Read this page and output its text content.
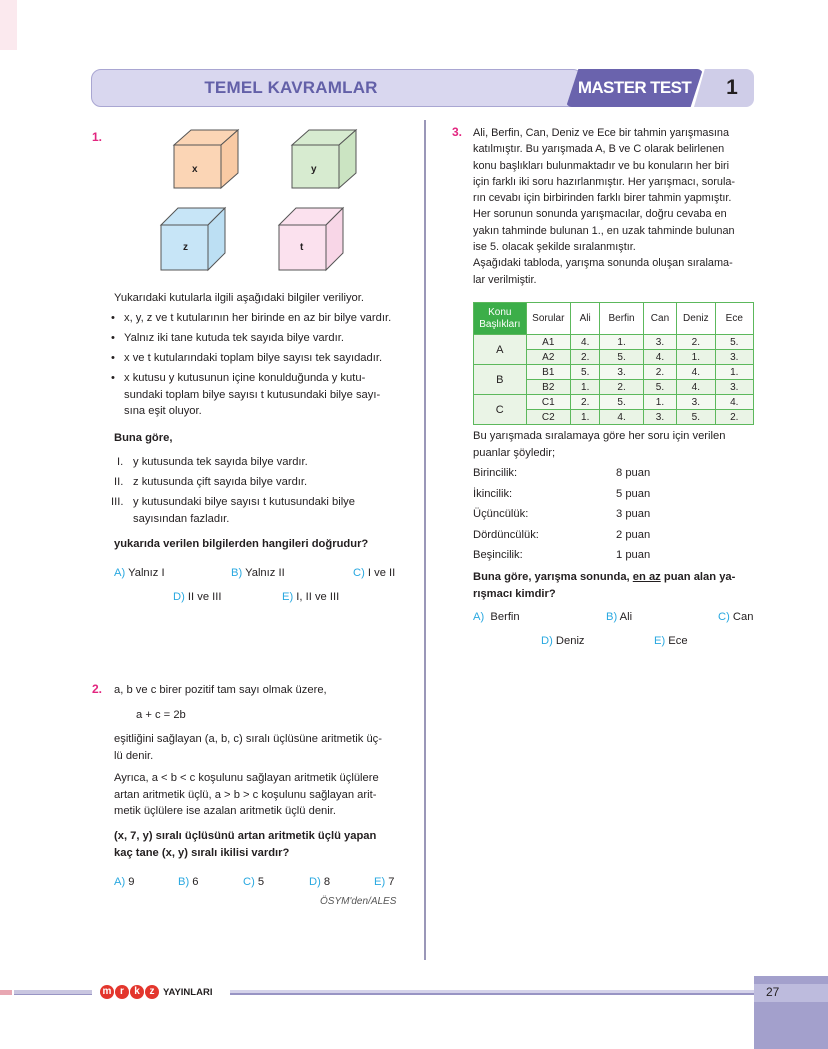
TEMEL KAVRAMLAR	MASTER TEST	1
1.
x	y
z	t
Yukarıdaki kutularla ilgili aşağıdaki bilgiler veriliyor.
• x, y, z ve t kutularının her birinde en az bir bilye vardır.
• Yalnız iki tane kutuda tek sayıda bilye vardır.
• x ve t kutularındaki toplam bilye sayısı tek sayıdadır.
• x kutusu y kutusunun içine konulduğunda y kutu-
sundaki toplam bilye sayısı t kutusundaki bilye sayı-
sına eşit oluyor.
Buna göre,
I. y kutusunda tek sayıda bilye vardır.
II. z kutusunda çift sayıda bilye vardır.
III. y kutusundaki bilye sayısı t kutusundaki bilye
sayısından fazladır.
yukarıda verilen bilgilerden hangileri doğrudur?
A) Yalnız I	B) Yalnız II	C) I ve II
D) II ve III	E) I, II ve III
2. a, b ve c birer pozitif tam sayı olmak üzere,
a + c = 2b
eşitliğini sağlayan (a, b, c) sıralı üçlüsüne aritmetik üç-
lü denir.
Ayrıca, a < b < c koşulunu sağlayan aritmetik üçlülere
artan aritmetik üçlü, a > b > c koşulunu sağlayan arit-
metik üçlülere ise azalan aritmetik üçlü denir.
(x, 7, y) sıralı üçlüsünü artan aritmetik üçlü yapan
kaç tane (x, y) sıralı ikilisi vardır?
A) 9	B) 6	C) 5	D) 8	E) 7
ÖSYM'den/ALES
3. Ali, Berfin, Can, Deniz ve Ece bir tahmin yarışmasına
katılmıştır. Bu yarışmada A, B ve C olarak belirlenen
konu başlıkları bulunmaktadır ve bu konuların her biri
için farklı iki soru hazırlanmıştır. Her yarışmacı, sorula-
rın cevabı için birbirinden farklı birer tahmin yapmıştır.
Her sorunun sonunda yarışmacılar, doğru cevaba en
yakın tahminde bulunan 1., en uzak tahminde bulunan
ise 5. olacak şekilde sıralanmıştır.
Aşağıdaki tabloda, yarışma sonunda oluşan sıralama-
lar verilmiştir.
Konu Başlıkları	Sorular	Ali	Berfin	Can	Deniz	Ece
A	A1	4.	1.	3.	2.	5.
	A2	2.	5.	4.	1.	3.
B	B1	5.	3.	2.	4.	1.
	B2	1.	2.	5.	4.	3.
C	C1	2.	5.	1.	3.	4.
	C2	1.	4.	3.	5.	2.
Bu yarışmada sıralamaya göre her soru için verilen
puanlar şöyledir;
Birincilik:	8 puan
İkincilik:	5 puan
Üçüncülük:	3 puan
Dördüncülük:	2 puan
Beşincilik:	1 puan
Buna göre, yarışma sonunda, en az puan alan ya-
rışmacı kimdir?
A)  Berfin	B) Ali	C) Can
D) Deniz	E) Ece
m r	k z YAYINLARI	27
